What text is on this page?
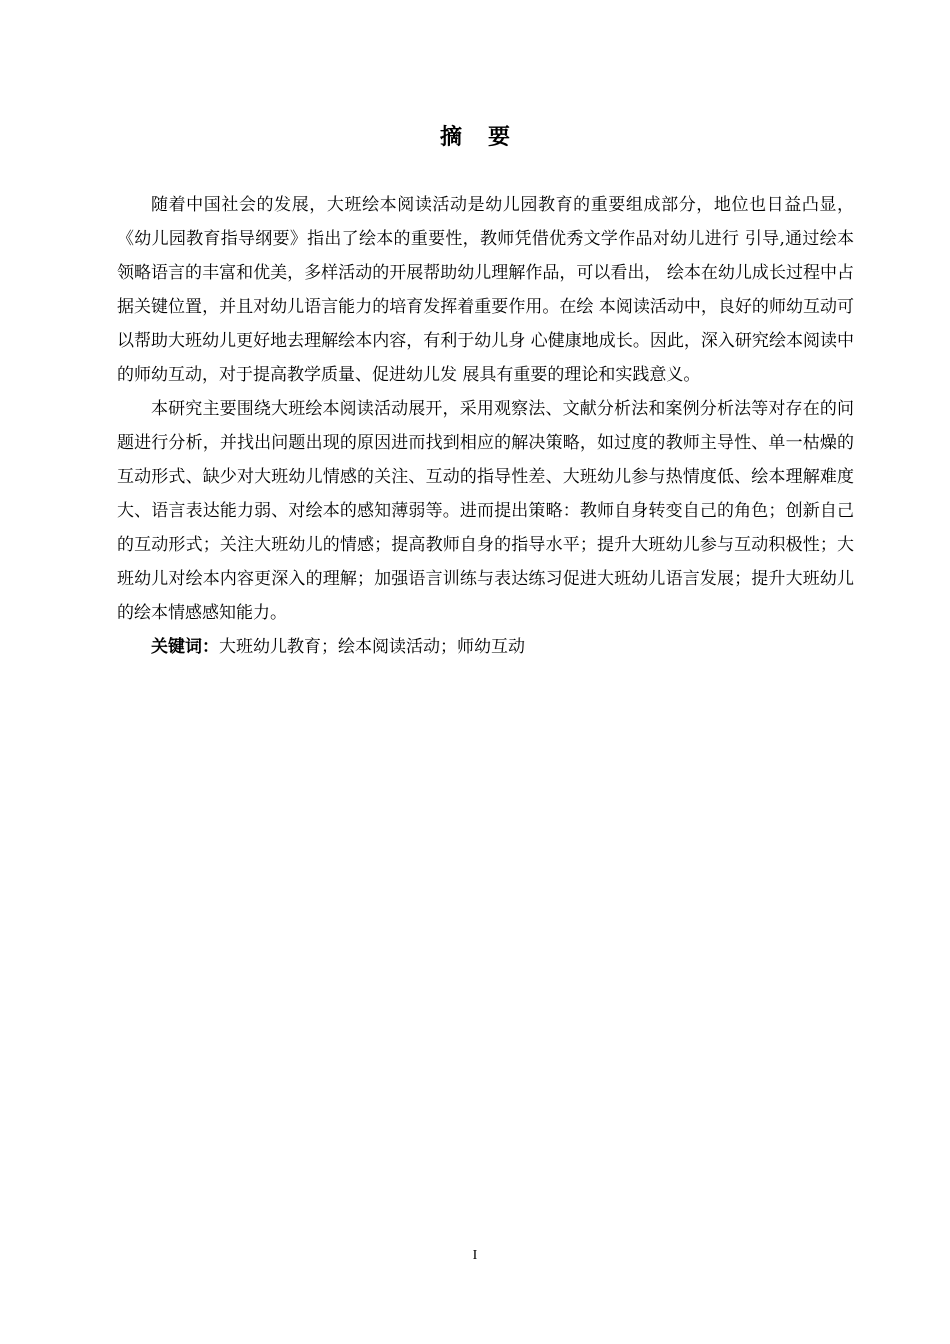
摘要

随着中国社会的发展，大班绘本阅读活动是幼儿园教育的重要组成部分，地位也日益凸显，《幼儿园教育指导纲要》指出了绘本的重要性，教师凭借优秀文学作品对幼儿进行 引导,通过绘本领略语言的丰富和优美，多样活动的开展帮助幼儿理解作品，可以看出， 绘本在幼儿成长过程中占据关键位置，并且对幼儿语言能力的培育发挥着重要作用。在绘 本阅读活动中，良好的师幼互动可以帮助大班幼儿更好地去理解绘本内容，有利于幼儿身 心健康地成长。因此，深入研究绘本阅读中的师幼互动，对于提高教学质量、促进幼儿发 展具有重要的理论和实践意义。

本研究主要围绕大班绘本阅读活动展开，采用观察法、文献分析法和案例分析法等对存在的问题进行分析，并找出问题出现的原因进而找到相应的解决策略，如过度的教师主导性、单一枯燥的互动形式、缺少对大班幼儿情感的关注、互动的指导性差、大班幼儿参与热情度低、绘本理解难度大、语言表达能力弱、对绘本的感知薄弱等。进而提出策略：教师自身转变自己的角色；创新自己的互动形式；关注大班幼儿的情感；提高教师自身的指导水平；提升大班幼儿参与互动积极性；大班幼儿对绘本内容更深入的理解；加强语言训练与表达练习促进大班幼儿语言发展；提升大班幼儿的绘本情感感知能力。

关键词：大班幼儿教育；绘本阅读活动；师幼互动

I
